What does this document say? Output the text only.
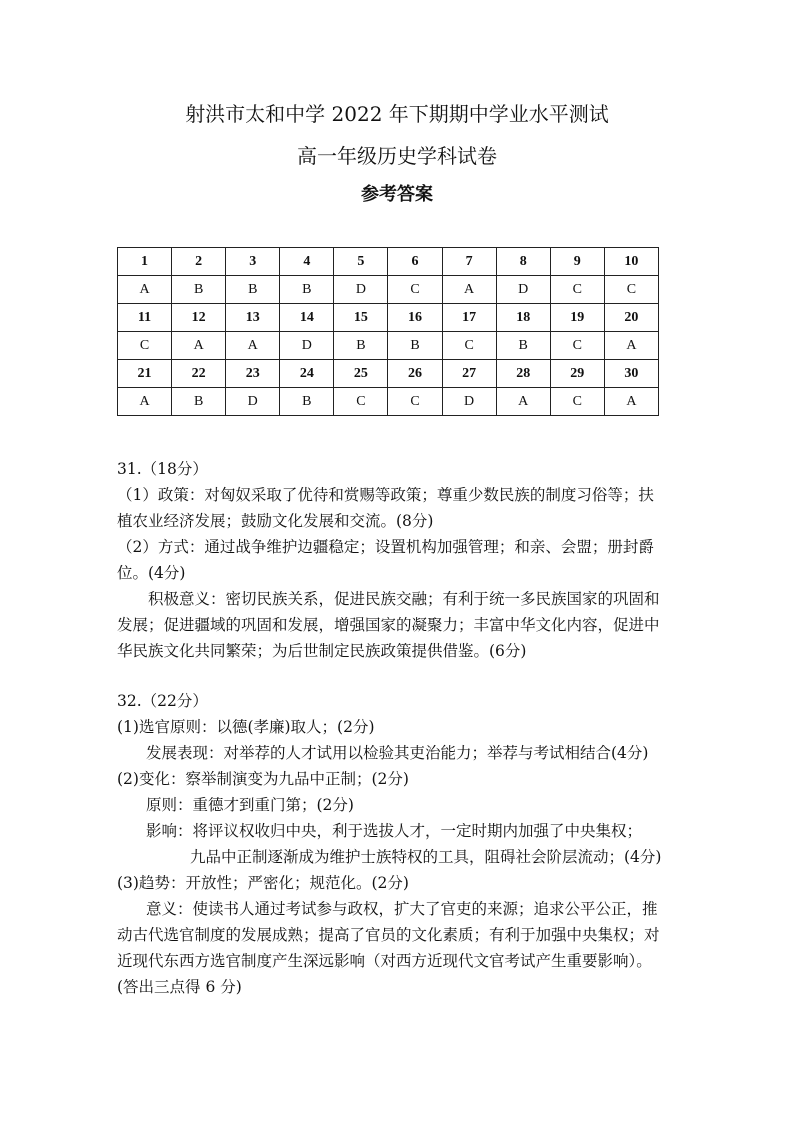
射洪市太和中学 2022 年下期期中学业水平测试
高一年级历史学科试卷
参考答案
1	2	3	4	5	6	7	8	9	10
A	B	B	B	D	C	A	D	C	C
11	12	13	14	15	16	17	18	19	20
C	A	A	D	B	B	C	B	C	A
21	22	23	24	25	26	27	28	29	30
A	B	D	B	C	C	D	A	C	A

31.（18分）

（1）政策：对匈奴采取了优待和赏赐等政策；尊重少数民族的制度习俗等；扶

植农业经济发展；鼓励文化发展和交流。(8分)

（2）方式：通过战争维护边疆稳定；设置机构加强管理；和亲、会盟；册封爵

位。(4分)

积极意义：密切民族关系，促进民族交融；有利于统一多民族国家的巩固和

发展；促进疆域的巩固和发展，增强国家的凝聚力；丰富中华文化内容，促进中

华民族文化共同繁荣；为后世制定民族政策提供借鉴。(6分)

32.（22分）

(1)选官原则：以德(孝廉)取人；(2分)

发展表现：对举荐的人才试用以检验其吏治能力；举荐与考试相结合(4分)

(2)变化：察举制演变为九品中正制；(2分)

原则：重德才到重门第；(2分)

影响：将评议权收归中央，利于选拔人才，一定时期内加强了中央集权；

九品中正制逐渐成为维护士族特权的工具，阻碍社会阶层流动；(4分)

(3)趋势：开放性；严密化；规范化。(2分)

意义：使读书人通过考试参与政权，扩大了官吏的来源；追求公平公正，推

动古代选官制度的发展成熟；提高了官员的文化素质；有利于加强中央集权；对

近现代东西方选官制度产生深远影响（对西方近现代文官考试产生重要影响）。

(答出三点得 6 分)
